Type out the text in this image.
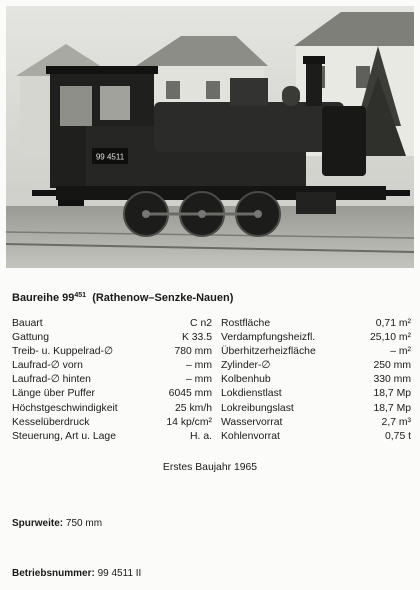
99 4511
Baureihe $99^{451}$ (Rathenow–Senzke-Nauen)
Bauart	C n2
Gattung	K 33.5
Treib- u. Kuppelrad-∅	780 mm
Laufrad-∅ vorn	– mm
Laufrad-∅ hinten	– mm
Länge über Puffer	6045 mm
Höchstgeschwindigkeit	25 km/h
Kesselüberdruck	14 kp/cm²
Steuerung, Art u. Lage	H. a.
Rostfläche	0,71 m²
Verdampfungsheizfl.	25,10 m²
Überhitzerheizfläche	– m²
Zylinder-∅	250 mm
Kolbenhub	330 mm
Lokdienstlast	18,7 Mp
Lokreibungslast	18,7 Mp
Wasservorrat	2,7 m³
Kohlenvorrat	0,75 t
Erstes Baujahr 1965
Spurweite: 750 mm
Betriebsnummer: 99 4511 II
